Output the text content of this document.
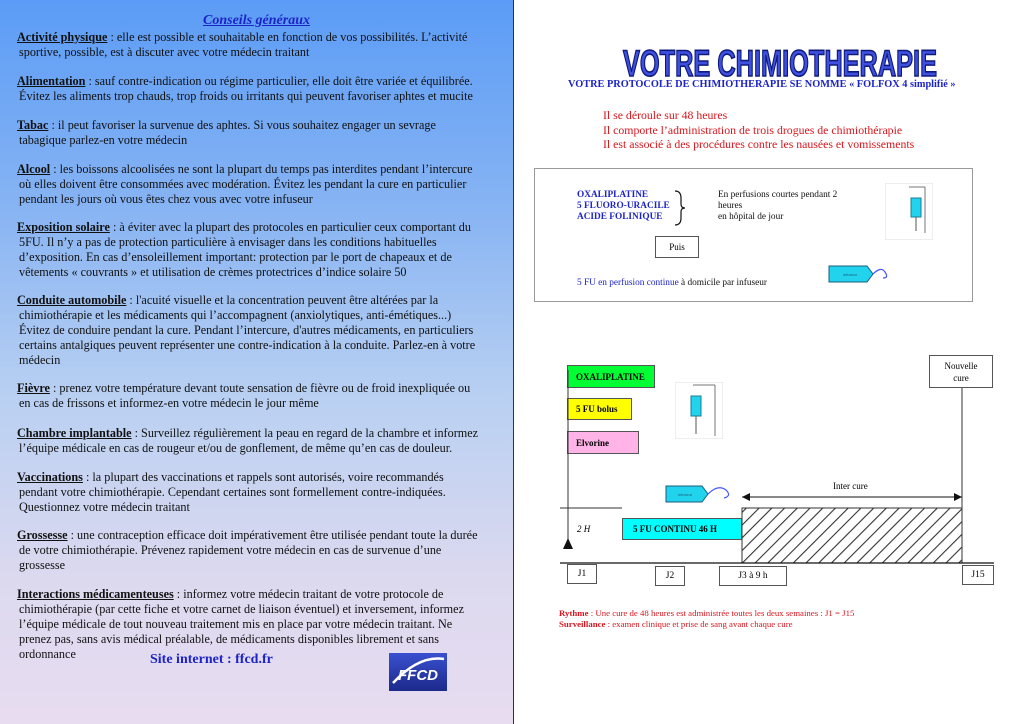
Conseils généraux
Activité physique : elle est possible et souhaitable en fonction de vos possibilités. L’activité
sportive, possible, est à discuter avec votre médecin traitant
Alimentation : sauf contre-indication ou régime particulier, elle doit être variée et équilibrée.
Évitez les aliments trop chauds, trop froids ou irritants qui peuvent favoriser aphtes et mucite
Tabac : il peut favoriser la survenue des aphtes. Si vous souhaitez engager un sevrage
tabagique parlez-en votre médecin
Alcool : les boissons alcoolisées ne sont la plupart du temps pas interdites pendant l’intercure
où elles doivent être consommées avec modération. Évitez les pendant la cure en particulier
pendant les jours où vous êtes chez vous avec votre infuseur
Exposition solaire : à éviter avec la plupart des protocoles en particulier ceux comportant du
5FU. Il n’y a pas de protection particulière à envisager dans les conditions habituelles
d’exposition. En cas d’ensoleillement important: protection par le port de chapeaux et de
vêtements « couvrants » et utilisation de crèmes protectrices d’indice solaire 50
Conduite automobile : l'acuité visuelle et la concentration peuvent être altérées par la
chimiothérapie et les médicaments qui l’accompagnent (anxiolytiques, anti-émétiques...)
Évitez de conduire pendant la cure. Pendant l’intercure, d'autres médicaments, en particuliers
certains antalgiques peuvent représenter une contre-indication à la conduite. Parlez-en à votre
médecin
Fièvre : prenez votre température devant toute sensation de fièvre ou de froid inexpliquée ou
en cas de frissons et informez-en votre médecin le jour même
Chambre implantable : Surveillez régulièrement la peau en regard de la chambre et informez
l’équipe médicale en cas de rougeur et/ou de gonflement, de même qu’en cas de douleur.
Vaccinations : la plupart des vaccinations et rappels sont autorisés, voire recommandés
pendant votre chimiothérapie. Cependant certaines sont formellement contre-indiquées.
Questionnez votre médecin traitant
Grossesse : une contraception efficace doit impérativement être utilisée pendant toute la durée
de votre chimiothérapie. Prévenez rapidement votre médecin en cas de survenue d’une
grossesse
Interactions médicamenteuses : informez votre médecin traitant de votre protocole de
chimiothérapie (par cette fiche et votre carnet de liaison éventuel) et inversement, informez
l’équipe médicale de tout nouveau traitement mis en place par votre médecin traitant. Ne
prenez pas, sans avis médical préalable, de médicaments disponibles librement et sans
ordonnance	Site internet : ffcd.fr
FFCD
VOTRE CHIMIOTHERAPIE
VOTRE PROTOCOLE DE CHIMIOTHERAPIE SE NOMME « FOLFOX 4 simplifié »
Il se déroule sur 48 heures
Il comporte l’administration de trois drogues de chimiothérapie
Il est associé à des procédures contre les nausées et vomissements
OXALIPLATINE
5 FLUORO-URACILE
ACIDE FOLINIQUE
En perfusions courtes pendant 2
heures
en hôpital de jour
Puis
5 FU en perfusion continue à domicile par infuseur
infuseur
infuseur
OXALIPLATINE
5 FU bolus
Elvorine
5 FU CONTINU 46 H
Inter cure
2 H
Nouvelle
cure
J1	J2	J3 à 9 h	J15
Rythme : Une cure de 48 heures est administrée toutes les deux semaines : J1 = J15
Surveillance : examen clinique et prise de sang avant chaque cure
